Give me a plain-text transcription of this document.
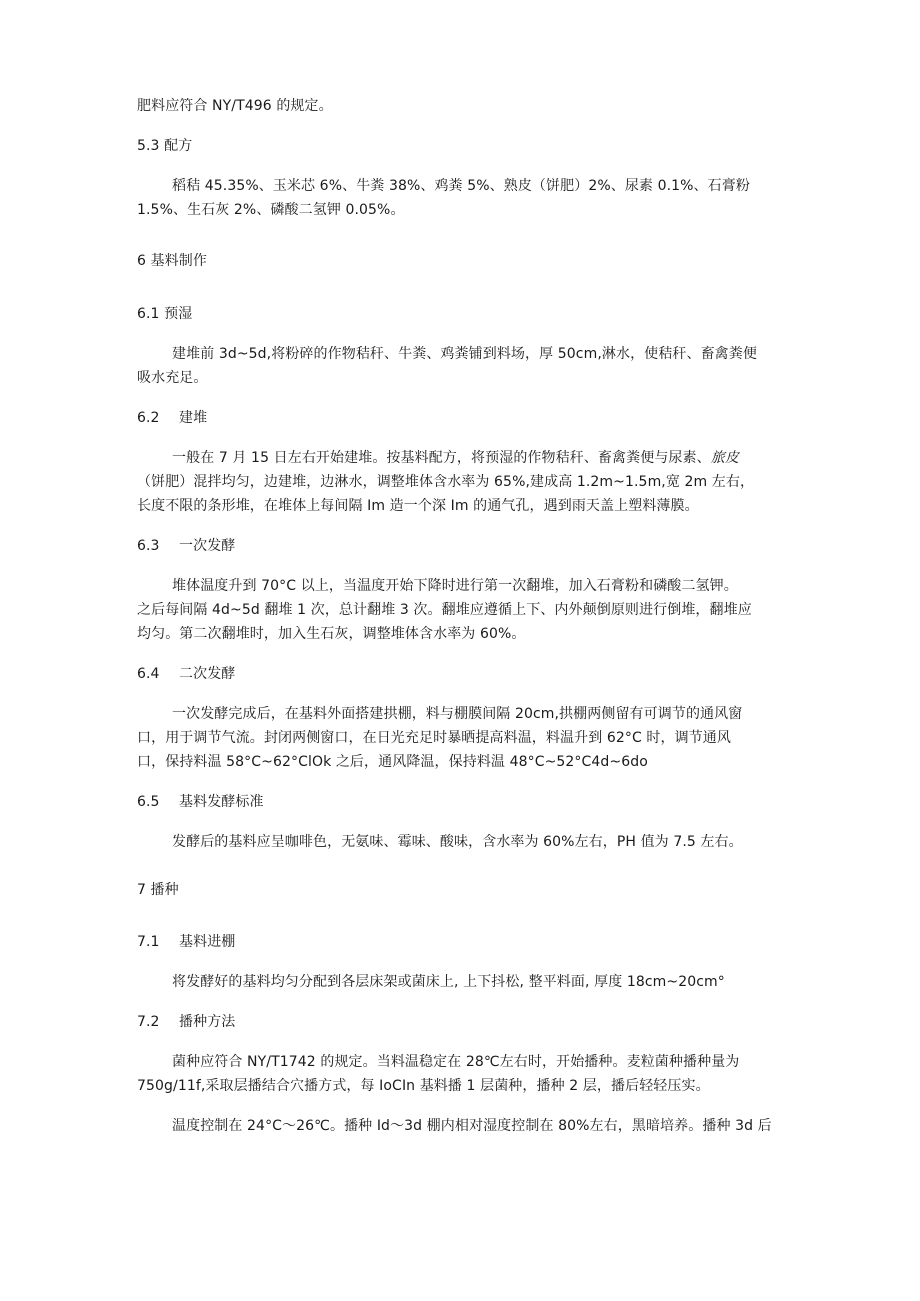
肥料应符合 NY/T496 的规定。
5.3 配方
稻秸 45.35%、玉米芯 6%、牛粪 38%、鸡粪 5%、熟皮（饼肥）2%、尿素 0.1%、石膏粉
1.5%、生石灰 2%、磷酸二氢钾 0.05%。
6 基料制作
6.1 预湿
建堆前 3d~5d,将粉碎的作物秸秆、牛粪、鸡粪铺到料场，厚 50cm,淋水，使秸秆、畜禽粪便
吸水充足。
6.2 建堆
一般在 7 月 15 日左右开始建堆。按基料配方，将预湿的作物秸秆、畜禽粪便与尿素、旅皮
（饼肥）混拌均匀，边建堆，边淋水，调整堆体含水率为 65%,建成高 1.2m~1.5m,宽 2m 左右，
长度不限的条形堆，在堆体上每间隔 Im 造一个深 Im 的通气孔，遇到雨天盖上塑料薄膜。
6.3 一次发酵
堆体温度升到 70°C 以上，当温度开始下降时进行第一次翻堆，加入石膏粉和磷酸二氢钾。
之后每间隔 4d~5d 翻堆 1 次，总计翻堆 3 次。翻堆应遵循上下、内外颠倒原则进行倒堆，翻堆应
均匀。第二次翻堆时，加入生石灰，调整堆体含水率为 60%。
6.4 二次发酵
一次发酵完成后，在基料外面搭建拱棚，料与棚膜间隔 20cm,拱棚两侧留有可调节的通风窗
口，用于调节气流。封闭两侧窗口，在日光充足时暴晒提高料温，料温升到 62°C 时，调节通风
口，保持料温 58°C~62°ClOk 之后，通风降温，保持料温 48°C~52°C4d~6do
6.5 基料发酵标准
发酵后的基料应呈咖啡色，无氨味、霉味、酸味，含水率为 60%左右，PH 值为 7.5 左右。
7 播种
7.1 基料进棚
将发酵好的基料均匀分配到各层床架或菌床上, 上下抖松, 整平料面, 厚度 18cm~20cm°
7.2 播种方法
菌种应符合 NY/T1742 的规定。当料温稳定在 28℃左右时，开始播种。麦粒菌种播种量为
750g∕11f,采取层播结合穴播方式，每 IoCIn 基料播 1 层菌种，播种 2 层，播后轻轻压实。
温度控制在 24°C～26℃。播种 Id～3d 棚内相对湿度控制在 80%左右，黑暗培养。播种 3d 后
